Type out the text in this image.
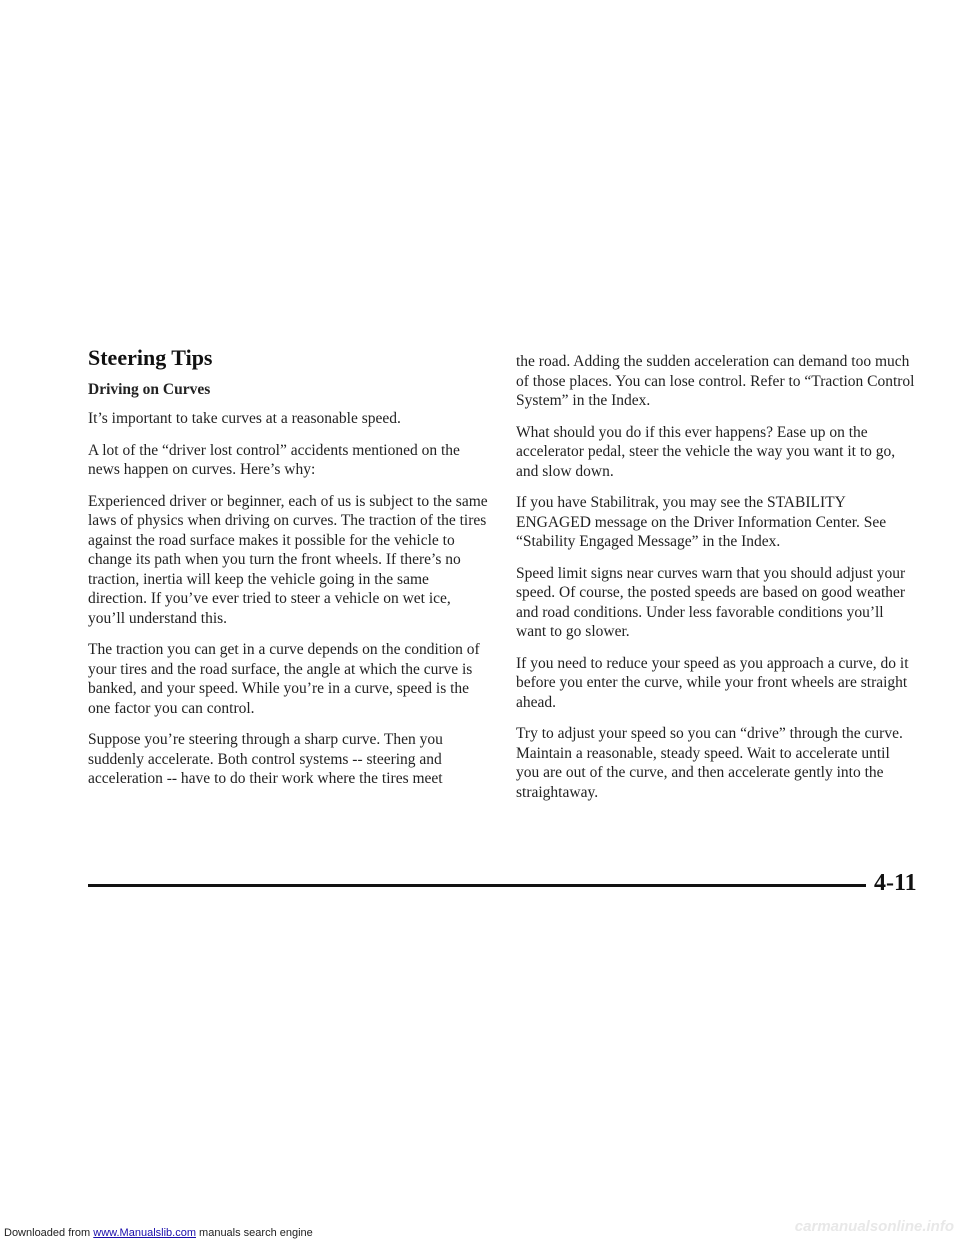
Steering Tips
Driving on Curves

It’s important to take curves at a reasonable speed.

A lot of the “driver lost control” accidents mentioned on the news happen on curves. Here’s why:

Experienced driver or beginner, each of us is subject to the same laws of physics when driving on curves. The traction of the tires against the road surface makes it possible for the vehicle to change its path when you turn the front wheels. If there’s no traction, inertia will keep the vehicle going in the same direction. If you’ve ever tried to steer a vehicle on wet ice, you’ll understand this.

The traction you can get in a curve depends on the condition of your tires and the road surface, the angle at which the curve is banked, and your speed. While you’re in a curve, speed is the one factor you can control.

Suppose you’re steering through a sharp curve. Then you suddenly accelerate. Both control systems -- steering and acceleration -- have to do their work where the tires meet

the road. Adding the sudden acceleration can demand too much of those places. You can lose control. Refer to “Traction Control System” in the Index.

What should you do if this ever happens? Ease up on the accelerator pedal, steer the vehicle the way you want it to go, and slow down.

If you have Stabilitrak, you may see the STABILITY ENGAGED message on the Driver Information Center. See “Stability Engaged Message” in the Index.

Speed limit signs near curves warn that you should adjust your speed. Of course, the posted speeds are based on good weather and road conditions. Under less favorable conditions you’ll want to go slower.

If you need to reduce your speed as you approach a curve, do it before you enter the curve, while your front wheels are straight ahead.

Try to adjust your speed so you can “drive” through the curve. Maintain a reasonable, steady speed. Wait to accelerate until you are out of the curve, and then accelerate gently into the straightaway.

4-11
Downloaded from www.Manualslib.com manuals search engine	carmanualsonline.info
